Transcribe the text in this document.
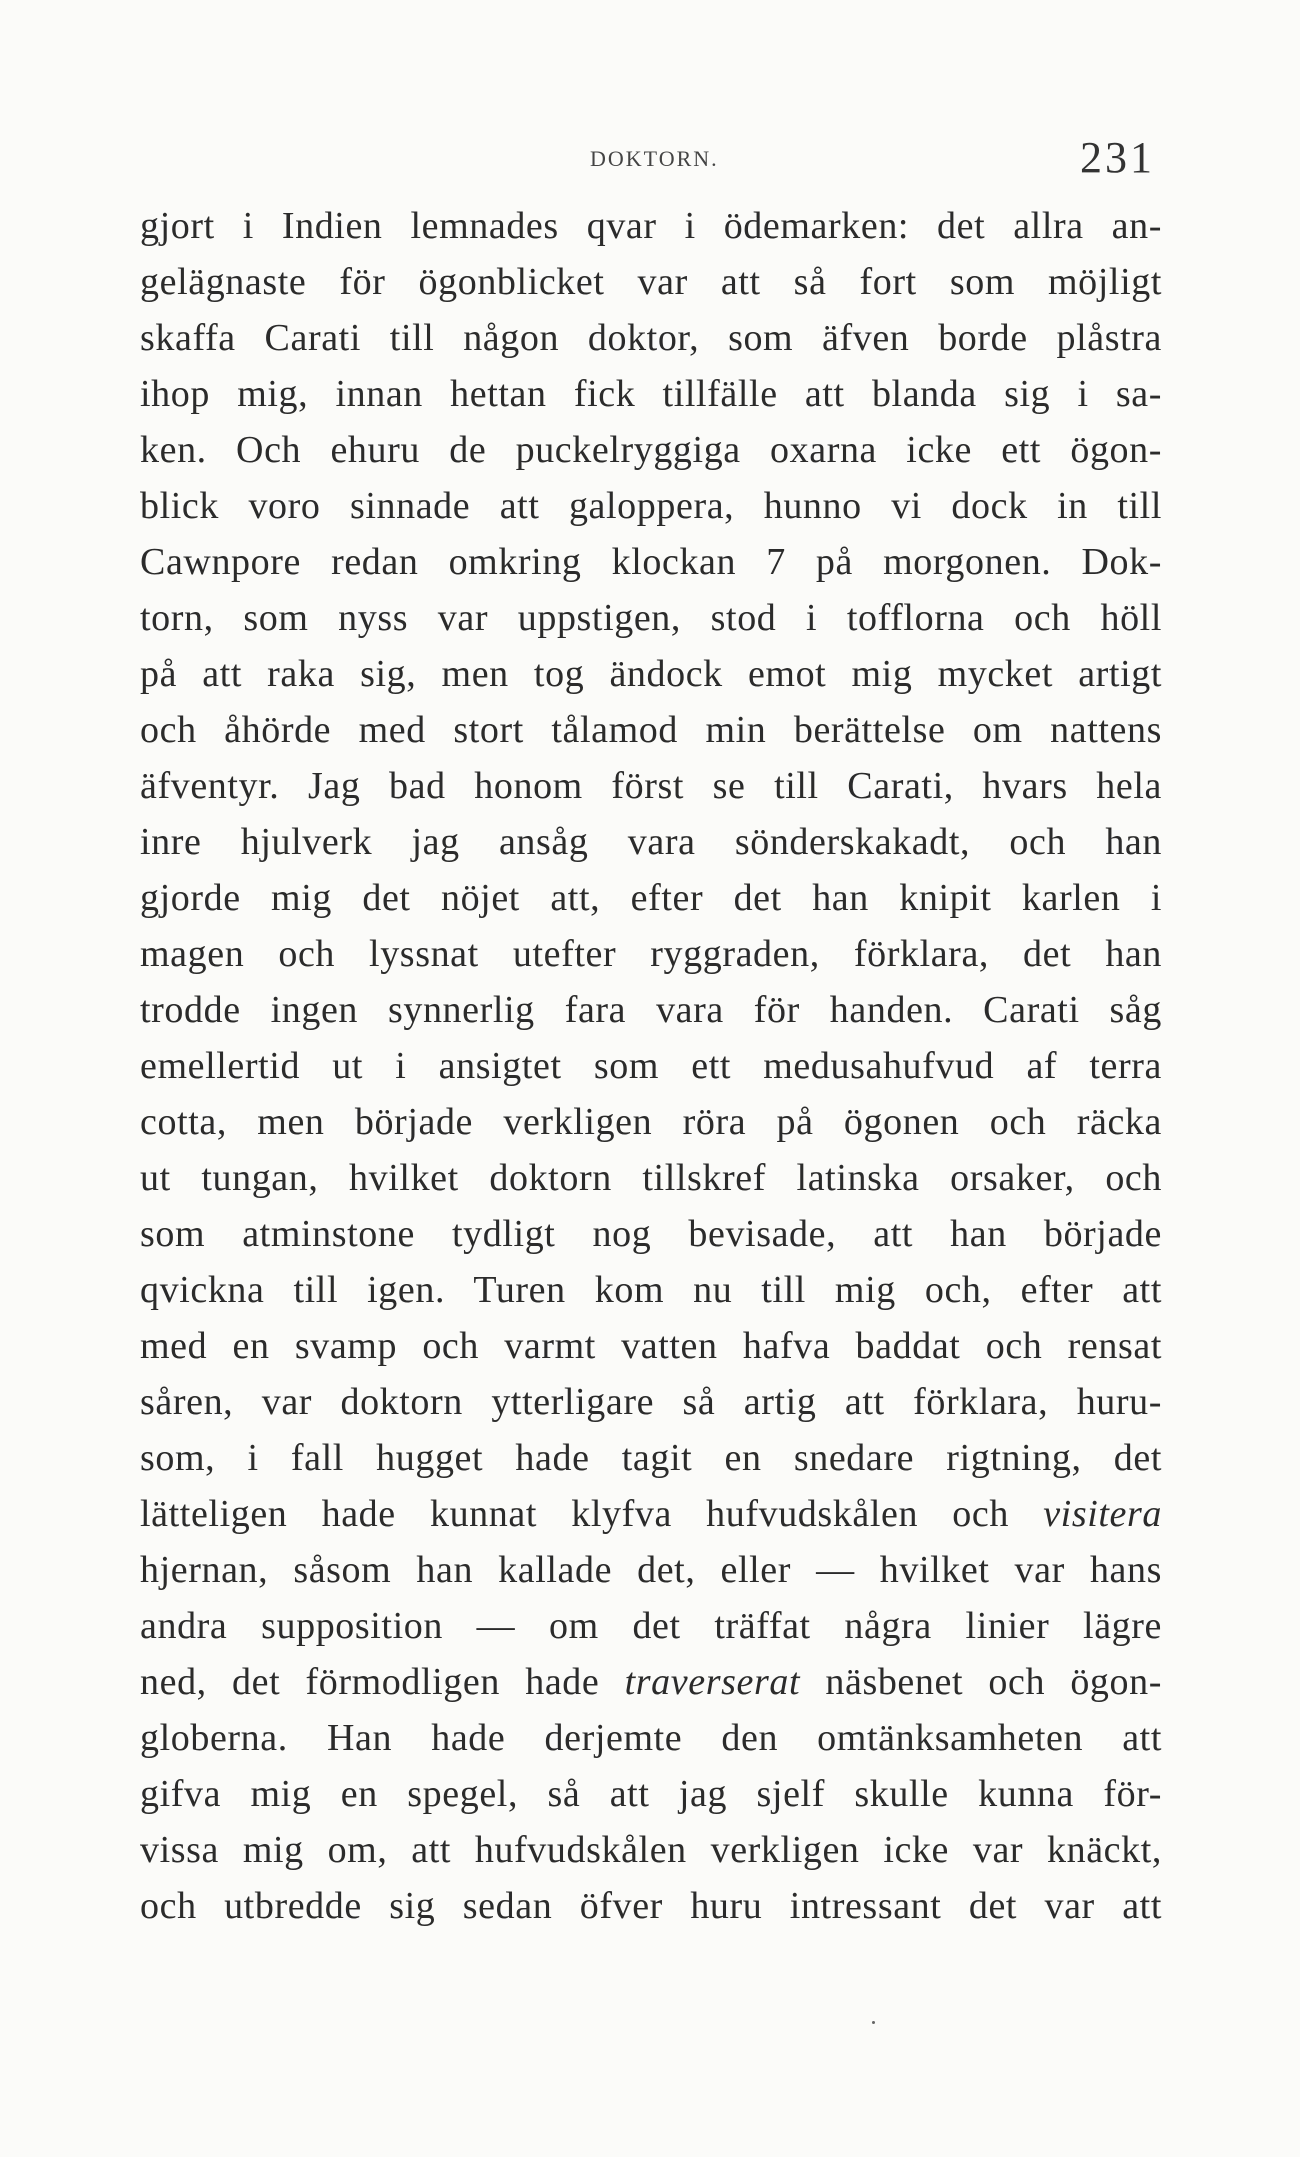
DOKTORN.	231
gjort i Indien lemnades qvar i ödemarken: det allra an-
gelägnaste för ögonblicket var att så fort som möjligt
skaffa Carati till någon doktor, som äfven borde plåstra
ihop mig, innan hettan fick tillfälle att blanda sig i sa-
ken. Och ehuru de puckelryggiga oxarna icke ett ögon-
blick voro sinnade att galoppera, hunno vi dock in till
Cawnpore redan omkring klockan 7 på morgonen. Dok-
torn, som nyss var uppstigen, stod i tofflorna och höll
på att raka sig, men tog ändock emot mig mycket artigt
och åhörde med stort tålamod min berättelse om nattens
äfventyr. Jag bad honom först se till Carati, hvars hela
inre hjulverk jag ansåg vara sönderskakadt, och han
gjorde mig det nöjet att, efter det han knipit karlen i
magen och lyssnat utefter ryggraden, förklara, det han
trodde ingen synnerlig fara vara för handen. Carati såg
emellertid ut i ansigtet som ett medusahufvud af terra
cotta, men började verkligen röra på ögonen och räcka
ut tungan, hvilket doktorn tillskref latinska orsaker, och
som atminstone tydligt nog bevisade, att han började
qvickna till igen. Turen kom nu till mig och, efter att
med en svamp och varmt vatten hafva baddat och rensat
såren, var doktorn ytterligare så artig att förklara, huru-
som, i fall hugget hade tagit en snedare rigtning, det
lätteligen hade kunnat klyfva hufvudskålen och visitera
hjernan, såsom han kallade det, eller — hvilket var hans
andra supposition — om det träffat några linier lägre
ned, det förmodligen hade traverserat näsbenet och ögon-
globerna. Han hade derjemte den omtänksamheten att
gifva mig en spegel, så att jag sjelf skulle kunna för-
vissa mig om, att hufvudskålen verkligen icke var knäckt,
och utbredde sig sedan öfver huru intressant det var att
